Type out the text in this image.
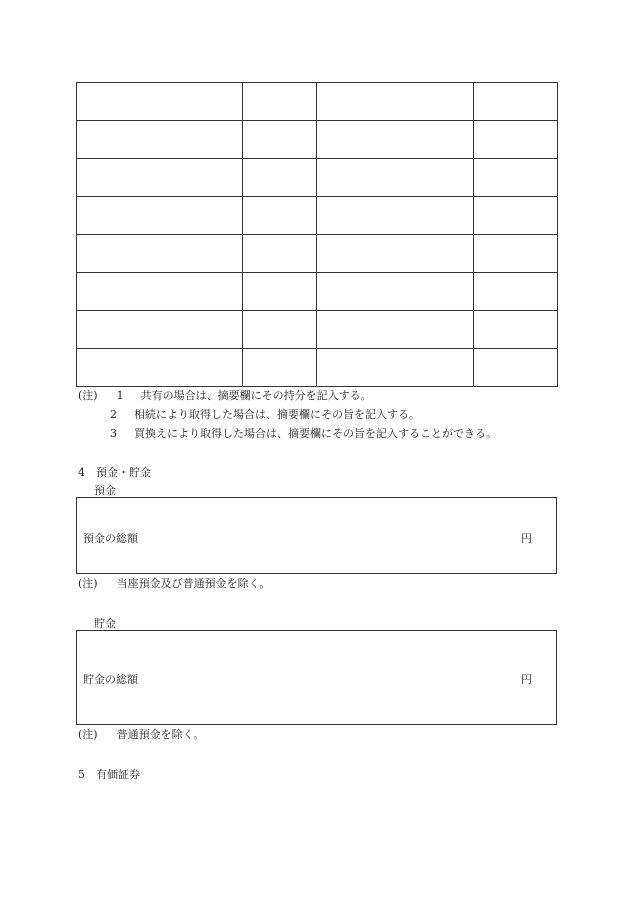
(注) 1 共有の場合は、摘要欄にその持分を記入する。
2 相続により取得した場合は、摘要欄にその旨を記入する。
3 買換えにより取得した場合は、摘要欄にその旨を記入することができる。
4　預金・貯金
預金
預金の総額	円
(注) 当座預金及び普通預金を除く。
貯金
貯金の総額	円
(注) 普通預金を除く。
5　有価証券
